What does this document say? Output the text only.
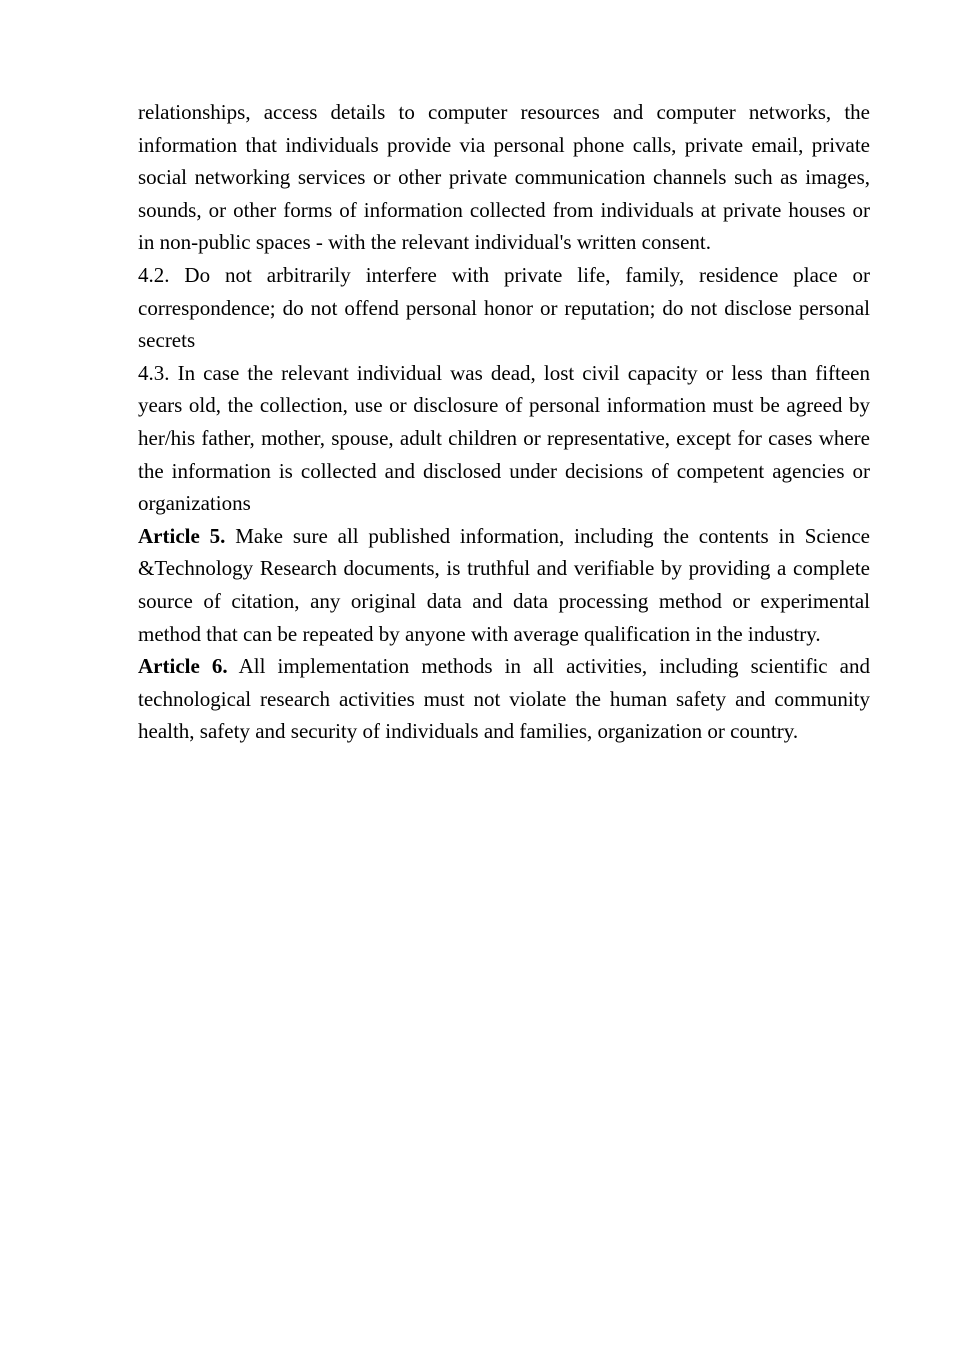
relationships, access details to computer resources and computer networks, the information that individuals provide via personal phone calls, private email, private social networking services or other private communication channels such as images, sounds, or other forms of information collected from individuals at private houses or in non-public spaces - with the relevant individual's written consent.

4.2. Do not arbitrarily interfere with private life, family, residence place or correspondence; do not offend personal honor or reputation; do not disclose personal secrets

4.3. In case the relevant individual was dead, lost civil capacity or less than fifteen years old, the collection, use or disclosure of personal information must be agreed by her/his father, mother, spouse, adult children or representative, except for cases where the information is collected and disclosed under decisions of competent agencies or organizations

Article 5. Make sure all published information, including the contents in Science &Technology Research documents, is truthful and verifiable by providing a complete source of citation, any original data and data processing method or experimental method that can be repeated by anyone with average qualification in the industry.

Article 6. All implementation methods in all activities, including scientific and technological research activities must not violate the human safety and community health, safety and security of individuals and families, organization or country.
